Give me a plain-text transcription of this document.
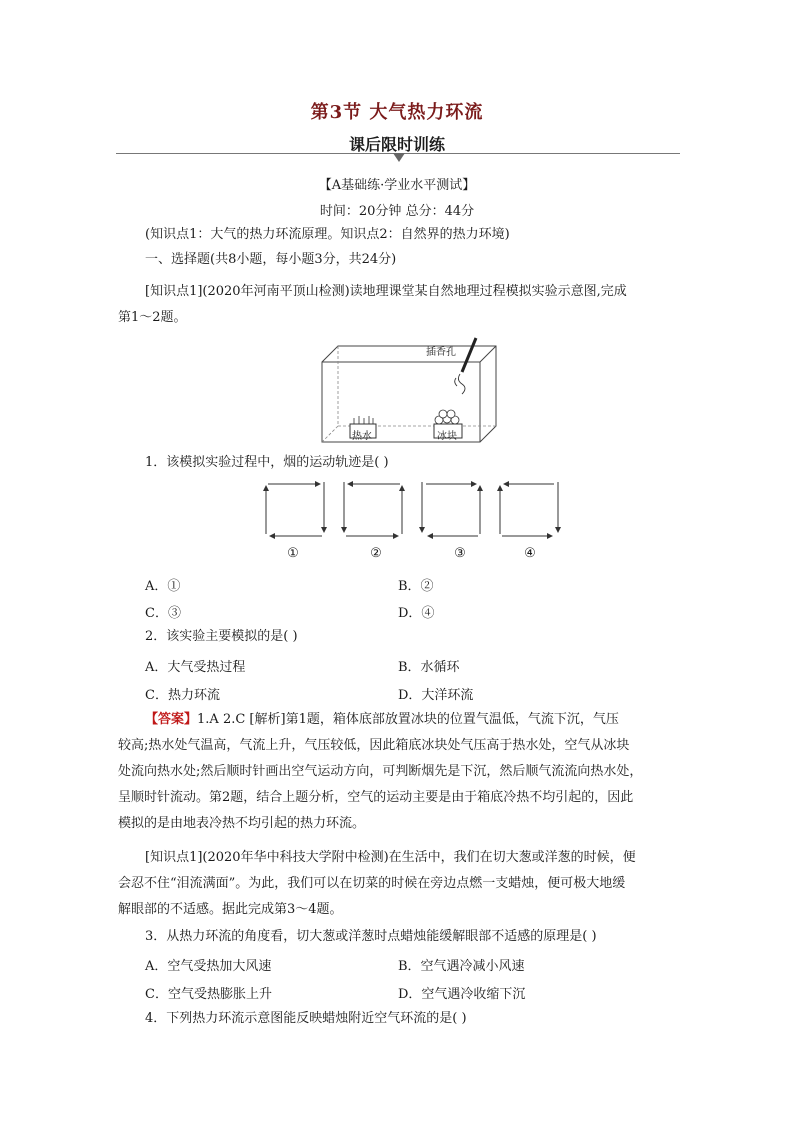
第3节 大气热力环流
课后限时训练
【A基础练·学业水平测试】
时间：20分钟 总分：44分
(知识点1：大气的热力环流原理。知识点2：自然界的热力环境)
一、选择题(共8小题，每小题3分，共24分)
[知识点1](2020年河南平顶山检测)读地理课堂某自然地理过程模拟实验示意图,完成
第1～2题。
插香孔
热水	冰块
1．该模拟实验过程中，烟的运动轨迹是( )
①	②	③	④
A．①	B．②
C．③	D．④
2．该实验主要模拟的是( )
A．大气受热过程	B．水循环
C．热力环流	D．大洋环流
【答案】1.A 2.C [解析]第1题，箱体底部放置冰块的位置气温低，气流下沉，气压
较高;热水处气温高，气流上升，气压较低，因此箱底冰块处气压高于热水处，空气从冰块
处流向热水处;然后顺时针画出空气运动方向，可判断烟先是下沉，然后顺气流流向热水处，
呈顺时针流动。第2题，结合上题分析，空气的运动主要是由于箱底冷热不均引起的，因此
模拟的是由地表冷热不均引起的热力环流。
[知识点1](2020年华中科技大学附中检测)在生活中，我们在切大葱或洋葱的时候，便
会忍不住“泪流满面”。为此，我们可以在切菜的时候在旁边点燃一支蜡烛，便可极大地缓
解眼部的不适感。据此完成第3～4题。
3．从热力环流的角度看，切大葱或洋葱时点蜡烛能缓解眼部不适感的原理是( )
A．空气受热加大风速	B．空气遇冷减小风速
C．空气受热膨胀上升	D．空气遇冷收缩下沉
4．下列热力环流示意图能反映蜡烛附近空气环流的是( )
